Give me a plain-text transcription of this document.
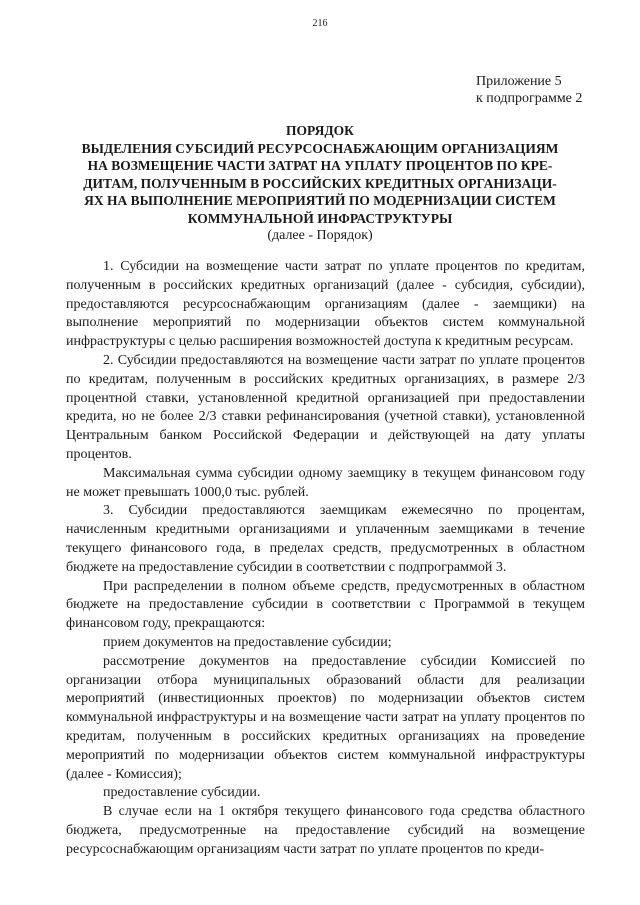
216
Приложение 5
к подпрограмме 2

ПОРЯДОК

ВЫДЕЛЕНИЯ СУБСИДИЙ РЕСУРСОСНАБЖАЮЩИМ ОРГАНИЗАЦИЯМ

НА ВОЗМЕЩЕНИЕ ЧАСТИ ЗАТРАТ НА УПЛАТУ ПРОЦЕНТОВ ПО КРЕ-

ДИТАМ, ПОЛУЧЕННЫМ В РОССИЙСКИХ КРЕДИТНЫХ ОРГАНИЗАЦИ-

ЯХ НА ВЫПОЛНЕНИЕ МЕРОПРИЯТИЙ ПО МОДЕРНИЗАЦИИ СИСТЕМ

КОММУНАЛЬНОЙ ИНФРАСТРУКТУРЫ

(далее - Порядок)

1. Субсидии на возмещение части затрат по уплате процентов по кредитам, полученным в российских кредитных организаций (далее - субсидия, субсидии), предоставляются ресурсоснабжающим организациям (далее - заемщики) на выполнение мероприятий по модернизации объектов систем коммунальной инфраструктуры с целью расширения возможностей доступа к кредитным ресурсам.

2. Субсидии предоставляются на возмещение части затрат по уплате процентов по кредитам, полученным в российских кредитных организациях, в размере 2/3 процентной ставки, установленной кредитной организацией при предоставлении кредита, но не более 2/3 ставки рефинансирования (учетной ставки), установленной Центральным банком Российской Федерации и действующей на дату уплаты процентов.

Максимальная сумма субсидии одному заемщику в текущем финансовом году не может превышать 1000,0 тыс. рублей.

3. Субсидии предоставляются заемщикам ежемесячно по процентам, начисленным кредитными организациями и уплаченным заемщиками в течение текущего финансового года, в пределах средств, предусмотренных в областном бюджете на предоставление субсидии в соответствии с подпрограммой 3.

При распределении в полном объеме средств, предусмотренных в областном бюджете на предоставление субсидии в соответствии с Программой в текущем финансовом году, прекращаются:

прием документов на предоставление субсидии;

рассмотрение документов на предоставление субсидии Комиссией по организации отбора муниципальных образований области для реализации мероприятий (инвестиционных проектов) по модернизации объектов систем коммунальной инфраструктуры и на возмещение части затрат на уплату процентов по кредитам, полученным в российских кредитных организациях на проведение мероприятий по модернизации объектов систем коммунальной инфраструктуры (далее - Комиссия);

предоставление субсидии.

В случае если на 1 октября текущего финансового года средства областного бюджета, предусмотренные на предоставление субсидий на возмещение ресурсоснабжающим организациям части затрат по уплате процентов по креди-
